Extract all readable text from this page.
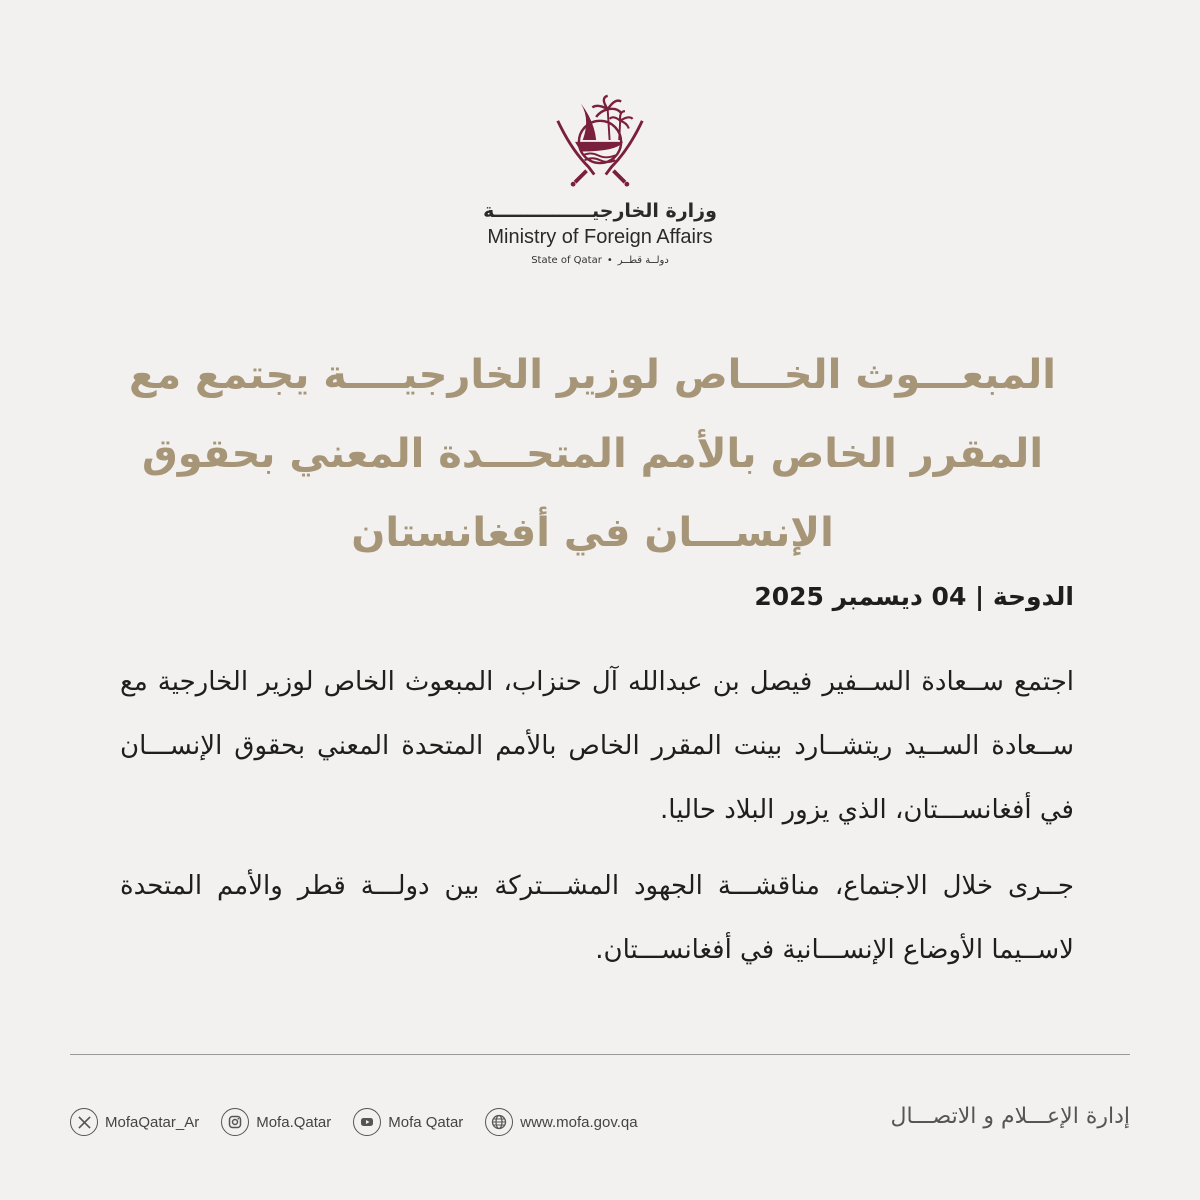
وزارة الخارجيـــــــــــــــة
Ministry of Foreign Affairs
State of Qatar • دولــة قطــر
المبعـــوث الخـــاص لوزير الخارجيــــة يجتمع مع المقرر الخاص بالأمم المتحـــدة المعني بحقوق الإنســـان في أفغانستان
الدوحة | 04 ديسمبر 2025
اجتمع ســعادة الســفير فيصل بن عبدالله آل حنزاب، المبعوث الخاص لوزير الخارجية مع ســعادة الســيد ريتشــارد بينت المقرر الخاص بالأمم المتحدة المعني بحقوق الإنســـان في أفغانســـتان، الذي يزور البلاد حاليا.
جــرى خلال الاجتماع، مناقشـــة الجهود المشـــتركة بين دولـــة قطر والأمم المتحدة لاســيما الأوضاع الإنســـانية في أفغانســـتان.
MofaQatar_Ar	Mofa.Qatar	Mofa Qatar	www.mofa.gov.qa	إدارة الإعـــلام و الاتصـــال
